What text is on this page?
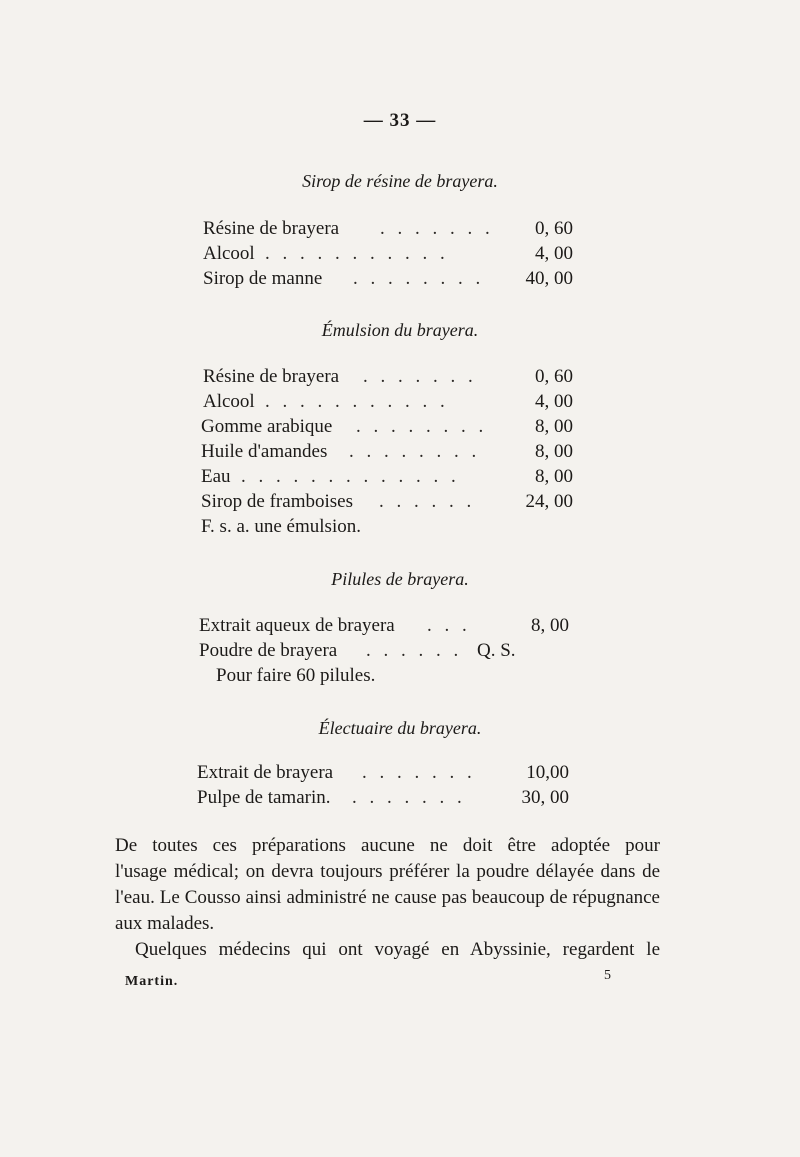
— 33 —
Sirop de résine de brayera.
Résine de brayera . . . . . . . 0, 60
Alcool . . . . . . . . . . .	4, 00
Sirop de manne . . . . . . . . 40, 00
Émulsion du brayera.
Résine de brayera . . . . . . .	0, 60
Alcool . . . . . . . . . . .	4, 00
Gomme arabique . . . . . . . .	8, 00
Huile d'amandes . . . . . . . .	8, 00
Eau . . . . . . . . . . . . .	8, 00
Sirop de framboises . . . . . .	24, 00
F. s. a. une émulsion.
Pilules de brayera.
Extrait aqueux de brayera . . .	8, 00
Poudre de brayera . . . . . . Q. S.
Pour faire 60 pilules.
Électuaire du brayera.
Extrait de brayera . . . . . . .	10,00
Pulpe de tamarin. . . . . . . .	30, 00
De toutes ces préparations aucune ne doit être adoptée pour
l'usage médical; on devra toujours préférer la poudre délayée dans de
l'eau. Le Cousso ainsi administré ne cause pas beaucoup de répugnance
aux malades.
Quelques médecins qui ont voyagé en Abyssinie, regardent le
Martin.	5
